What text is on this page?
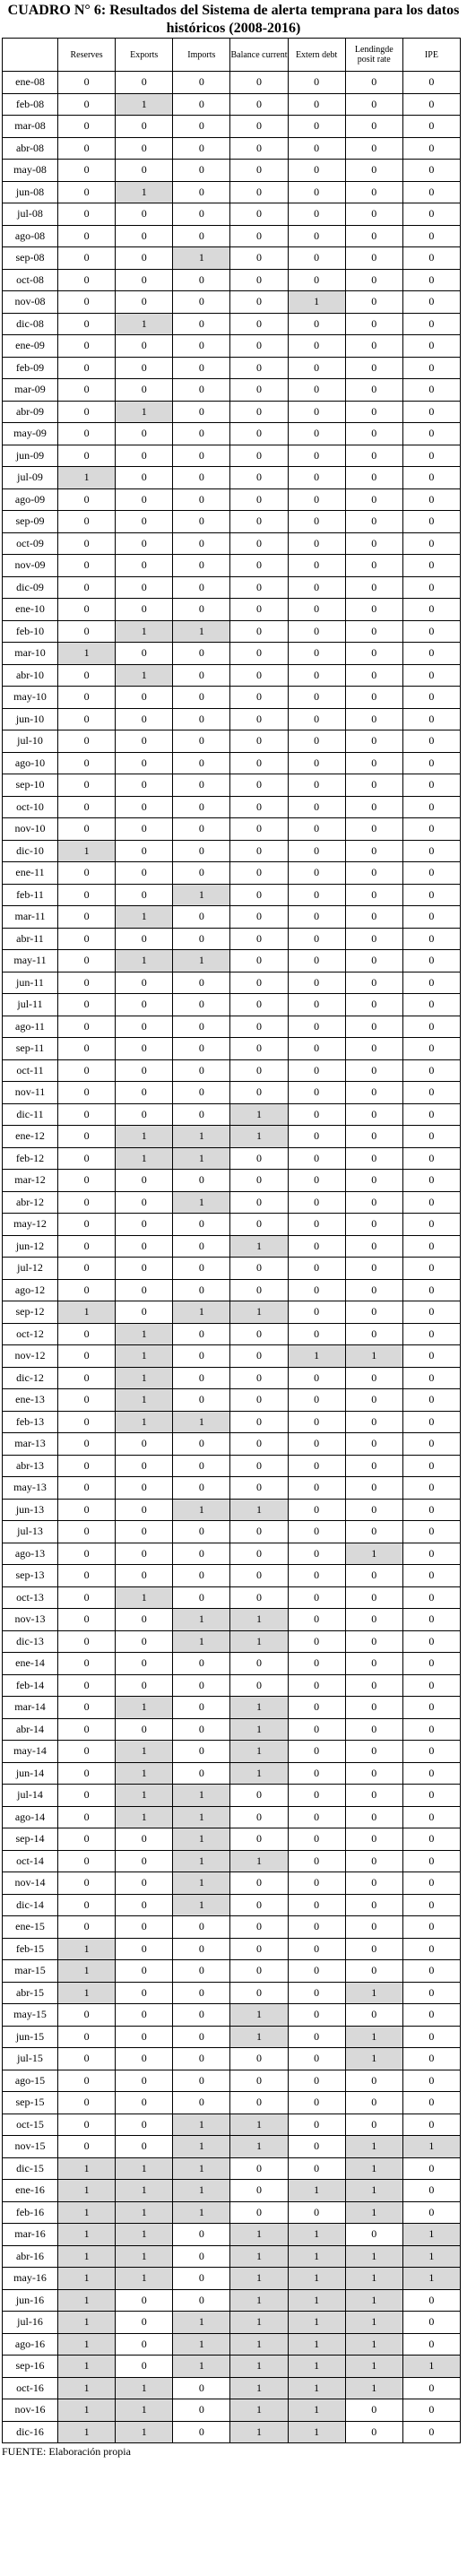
CUADRO N° 6: Resultados del Sistema de alerta temprana para los datos históricos (2008-2016)
	Reserves	Exports	Imports	Balance current	Extern debt	Lendingde posit rate	IPE
ene-08	0	0	0	0	0	0	0
feb-08	0	1	0	0	0	0	0
mar-08	0	0	0	0	0	0	0
abr-08	0	0	0	0	0	0	0
may-08	0	0	0	0	0	0	0
jun-08	0	1	0	0	0	0	0
jul-08	0	0	0	0	0	0	0
ago-08	0	0	0	0	0	0	0
sep-08	0	0	1	0	0	0	0
oct-08	0	0	0	0	0	0	0
nov-08	0	0	0	0	1	0	0
dic-08	0	1	0	0	0	0	0
ene-09	0	0	0	0	0	0	0
feb-09	0	0	0	0	0	0	0
mar-09	0	0	0	0	0	0	0
abr-09	0	1	0	0	0	0	0
may-09	0	0	0	0	0	0	0
jun-09	0	0	0	0	0	0	0
jul-09	1	0	0	0	0	0	0
ago-09	0	0	0	0	0	0	0
sep-09	0	0	0	0	0	0	0
oct-09	0	0	0	0	0	0	0
nov-09	0	0	0	0	0	0	0
dic-09	0	0	0	0	0	0	0
ene-10	0	0	0	0	0	0	0
feb-10	0	1	1	0	0	0	0
mar-10	1	0	0	0	0	0	0
abr-10	0	1	0	0	0	0	0
may-10	0	0	0	0	0	0	0
jun-10	0	0	0	0	0	0	0
jul-10	0	0	0	0	0	0	0
ago-10	0	0	0	0	0	0	0
sep-10	0	0	0	0	0	0	0
oct-10	0	0	0	0	0	0	0
nov-10	0	0	0	0	0	0	0
dic-10	1	0	0	0	0	0	0
ene-11	0	0	0	0	0	0	0
feb-11	0	0	1	0	0	0	0
mar-11	0	1	0	0	0	0	0
abr-11	0	0	0	0	0	0	0
may-11	0	1	1	0	0	0	0
jun-11	0	0	0	0	0	0	0
jul-11	0	0	0	0	0	0	0
ago-11	0	0	0	0	0	0	0
sep-11	0	0	0	0	0	0	0
oct-11	0	0	0	0	0	0	0
nov-11	0	0	0	0	0	0	0
dic-11	0	0	0	1	0	0	0
ene-12	0	1	1	1	0	0	0
feb-12	0	1	1	0	0	0	0
mar-12	0	0	0	0	0	0	0
abr-12	0	0	1	0	0	0	0
may-12	0	0	0	0	0	0	0
jun-12	0	0	0	1	0	0	0
jul-12	0	0	0	0	0	0	0
ago-12	0	0	0	0	0	0	0
sep-12	1	0	1	1	0	0	0
oct-12	0	1	0	0	0	0	0
nov-12	0	1	0	0	1	1	0
dic-12	0	1	0	0	0	0	0
ene-13	0	1	0	0	0	0	0
feb-13	0	1	1	0	0	0	0
mar-13	0	0	0	0	0	0	0
abr-13	0	0	0	0	0	0	0
may-13	0	0	0	0	0	0	0
jun-13	0	0	1	1	0	0	0
jul-13	0	0	0	0	0	0	0
ago-13	0	0	0	0	0	1	0
sep-13	0	0	0	0	0	0	0
oct-13	0	1	0	0	0	0	0
nov-13	0	0	1	1	0	0	0
dic-13	0	0	1	1	0	0	0
ene-14	0	0	0	0	0	0	0
feb-14	0	0	0	0	0	0	0
mar-14	0	1	0	1	0	0	0
abr-14	0	0	0	1	0	0	0
may-14	0	1	0	1	0	0	0
jun-14	0	1	0	1	0	0	0
jul-14	0	1	1	0	0	0	0
ago-14	0	1	1	0	0	0	0
sep-14	0	0	1	0	0	0	0
oct-14	0	0	1	1	0	0	0
nov-14	0	0	1	0	0	0	0
dic-14	0	0	1	0	0	0	0
ene-15	0	0	0	0	0	0	0
feb-15	1	0	0	0	0	0	0
mar-15	1	0	0	0	0	0	0
abr-15	1	0	0	0	0	1	0
may-15	0	0	0	1	0	0	0
jun-15	0	0	0	1	0	1	0
jul-15	0	0	0	0	0	1	0
ago-15	0	0	0	0	0	0	0
sep-15	0	0	0	0	0	0	0
oct-15	0	0	1	1	0	0	0
nov-15	0	0	1	1	0	1	1
dic-15	1	1	1	0	0	1	0
ene-16	1	1	1	0	1	1	0
feb-16	1	1	1	0	0	1	0
mar-16	1	1	0	1	1	0	1
abr-16	1	1	0	1	1	1	1
may-16	1	1	0	1	1	1	1
jun-16	1	0	0	1	1	1	0
jul-16	1	0	1	1	1	1	0
ago-16	1	0	1	1	1	1	0
sep-16	1	0	1	1	1	1	1
oct-16	1	1	0	1	1	1	0
nov-16	1	1	0	1	1	0	0
dic-16	1	1	0	1	1	0	0
FUENTE: Elaboración propia
